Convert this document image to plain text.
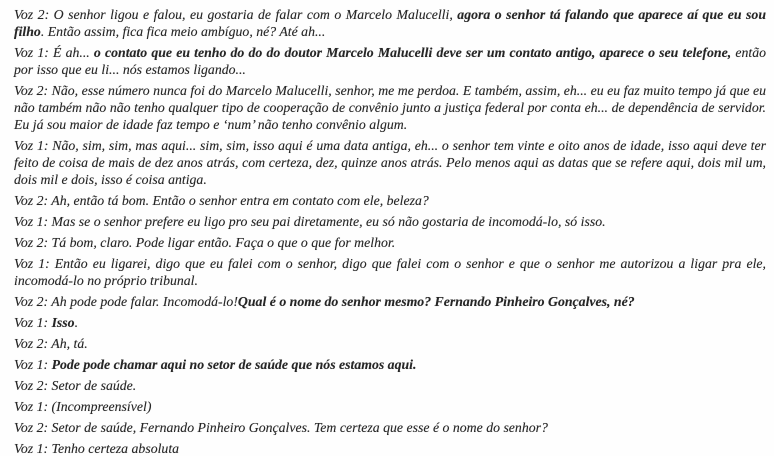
Voz 2: O senhor ligou e falou, eu gostaria de falar com o Marcelo Malucelli, agora o senhor tá falando que aparece aí que eu sou filho. Então assim, fica fica meio ambíguo, né? Até ah...

Voz 1: É ah... o contato que eu tenho do do do doutor Marcelo Malucelli deve ser um contato antigo, aparece o seu telefone, então por isso que eu li... nós estamos ligando...

Voz 2: Não, esse número nunca foi do Marcelo Malucelli, senhor, me me perdoa. E também, assim, eh... eu eu faz muito tempo já que eu não também não não tenho qualquer tipo de cooperação de convênio junto a justiça federal por conta eh... de dependência de servidor. Eu já sou maior de idade faz tempo e ‘num’ não tenho convênio algum.

Voz 1: Não, sim, sim, mas aqui... sim, sim, isso aqui é uma data antiga, eh... o senhor tem vinte e oito anos de idade, isso aqui deve ter feito de coisa de mais de dez anos atrás, com certeza, dez, quinze anos atrás. Pelo menos aqui as datas que se refere aqui, dois mil um, dois mil e dois, isso é coisa antiga.

Voz 2: Ah, então tá bom. Então o senhor entra em contato com ele, beleza?

Voz 1: Mas se o senhor prefere eu ligo pro seu pai diretamente, eu só não gostaria de incomodá-lo, só isso.

Voz 2: Tá bom, claro. Pode ligar então. Faça o que o que for melhor.

Voz 1: Então eu ligarei, digo que eu falei com o senhor, digo que falei com o senhor e que o senhor me autorizou a ligar pra ele, incomodá-lo no próprio tribunal.

Voz 2: Ah pode pode falar. Incomodá-lo!Qual é o nome do senhor mesmo? Fernando Pinheiro Gonçalves, né?

Voz 1: Isso.

Voz 2: Ah, tá.

Voz 1: Pode pode chamar aqui no setor de saúde que nós estamos aqui.

Voz 2: Setor de saúde.

Voz 1: (Incompreensível)

Voz 2: Setor de saúde, Fernando Pinheiro Gonçalves. Tem certeza que esse é o nome do senhor?

Voz 1: Tenho certeza absoluta
